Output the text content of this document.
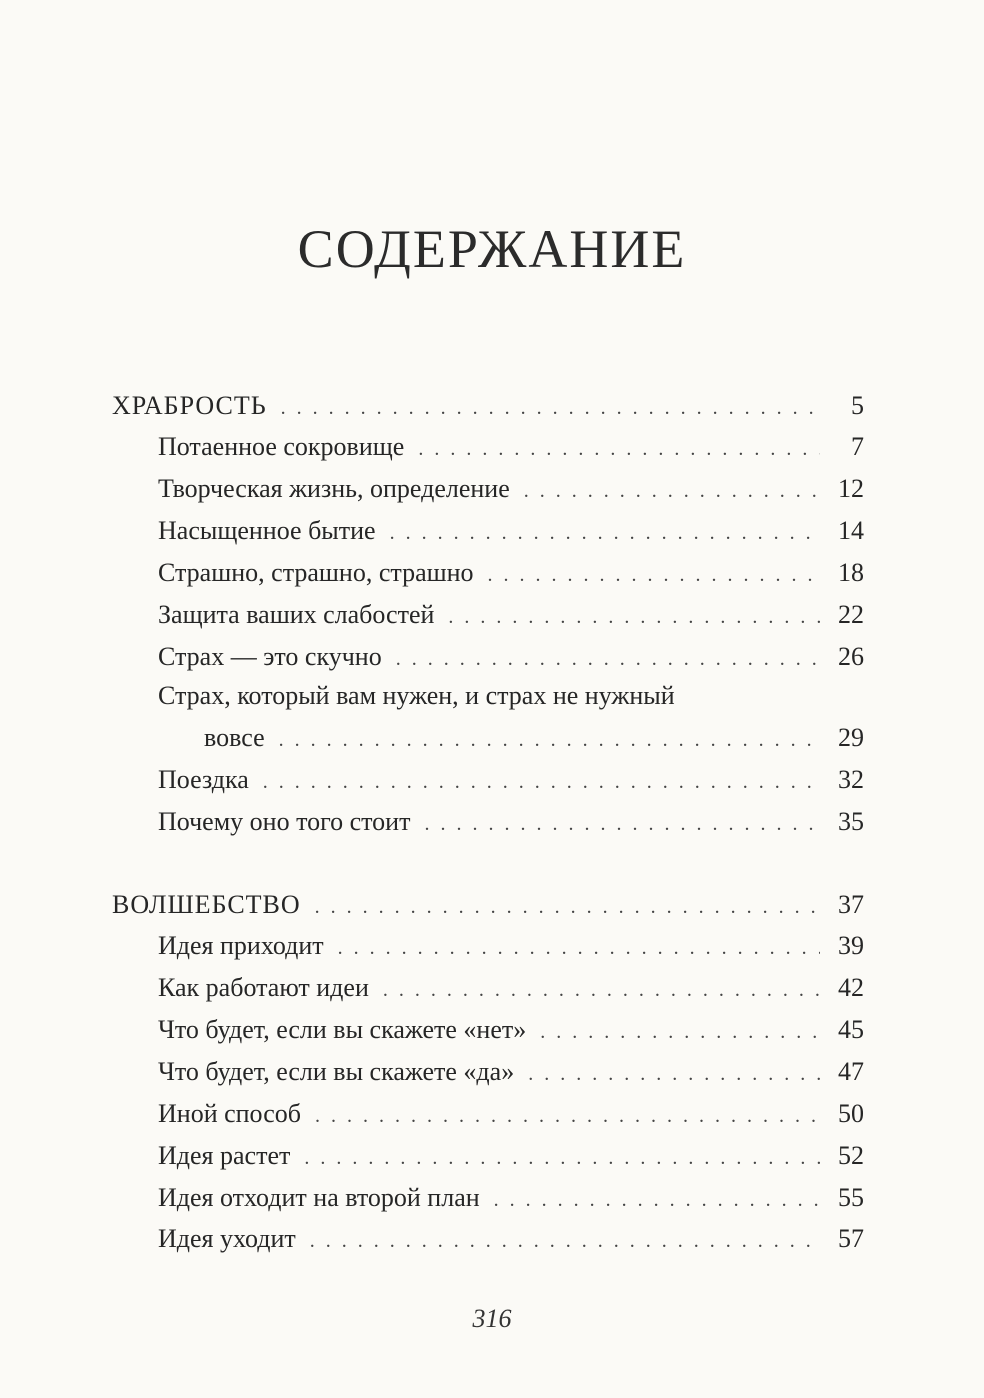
СОДЕРЖАНИЕ
ХРАБРОСТЬ . . .	5
Потаенное сокровище . . .	7
Творческая жизнь, определение . . .	12
Насыщенное бытие . . .	14
Страшно, страшно, страшно . . .	18
Защита ваших слабостей . . .	22
Страх — это скучно . . .	26
Страх, который вам нужен, и страх не нужный
вовсе . . .	29
Поездка . . .	32
Почему оно того стоит . . .	35
ВОЛШЕБСТВО . . .	37
Идея приходит . . .	39
Как работают идеи . . .	42
Что будет, если вы скажете «нет» . . .	45
Что будет, если вы скажете «да» . . .	47
Иной способ . . .	50
Идея растет . . .	52
Идея отходит на второй план . . .	55
Идея уходит . . .	57
316
